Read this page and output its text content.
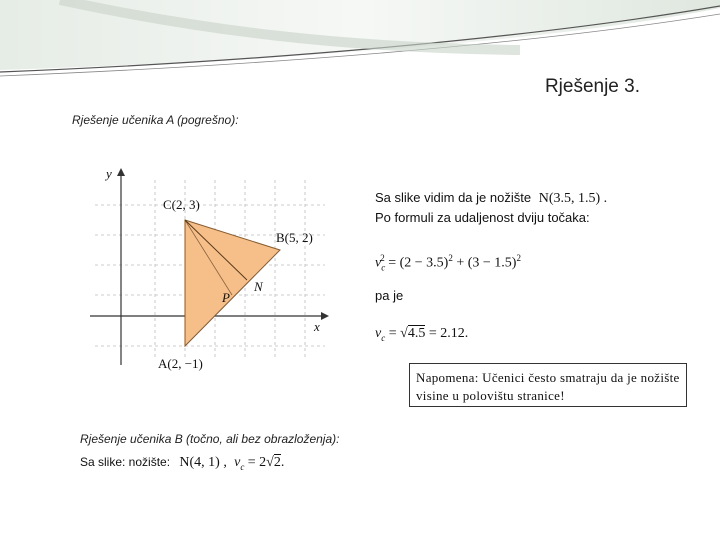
Rješenje 3.
Rješenje učenika A (pogrešno):
x
y
C(2, 3)
B(5, 2)
A(2, −1)
N
P
Sa slike vidim da je nožište N(3.5, 1.5) .
Po formuli za udaljenost dviju točaka:
$v_c^2 = (2 - 3.5)^2 + (3 - 1.5)^2$
pa je
$v_c = √4.5 = 2.12$.
Napomena: Učenici često smatraju da je nožište visine u polovištu stranice!
Rješenje učenika B (točno, ali bez obrazloženja):
Sa slike: nožište: N(4, 1) , $v_c = 2√2$.
